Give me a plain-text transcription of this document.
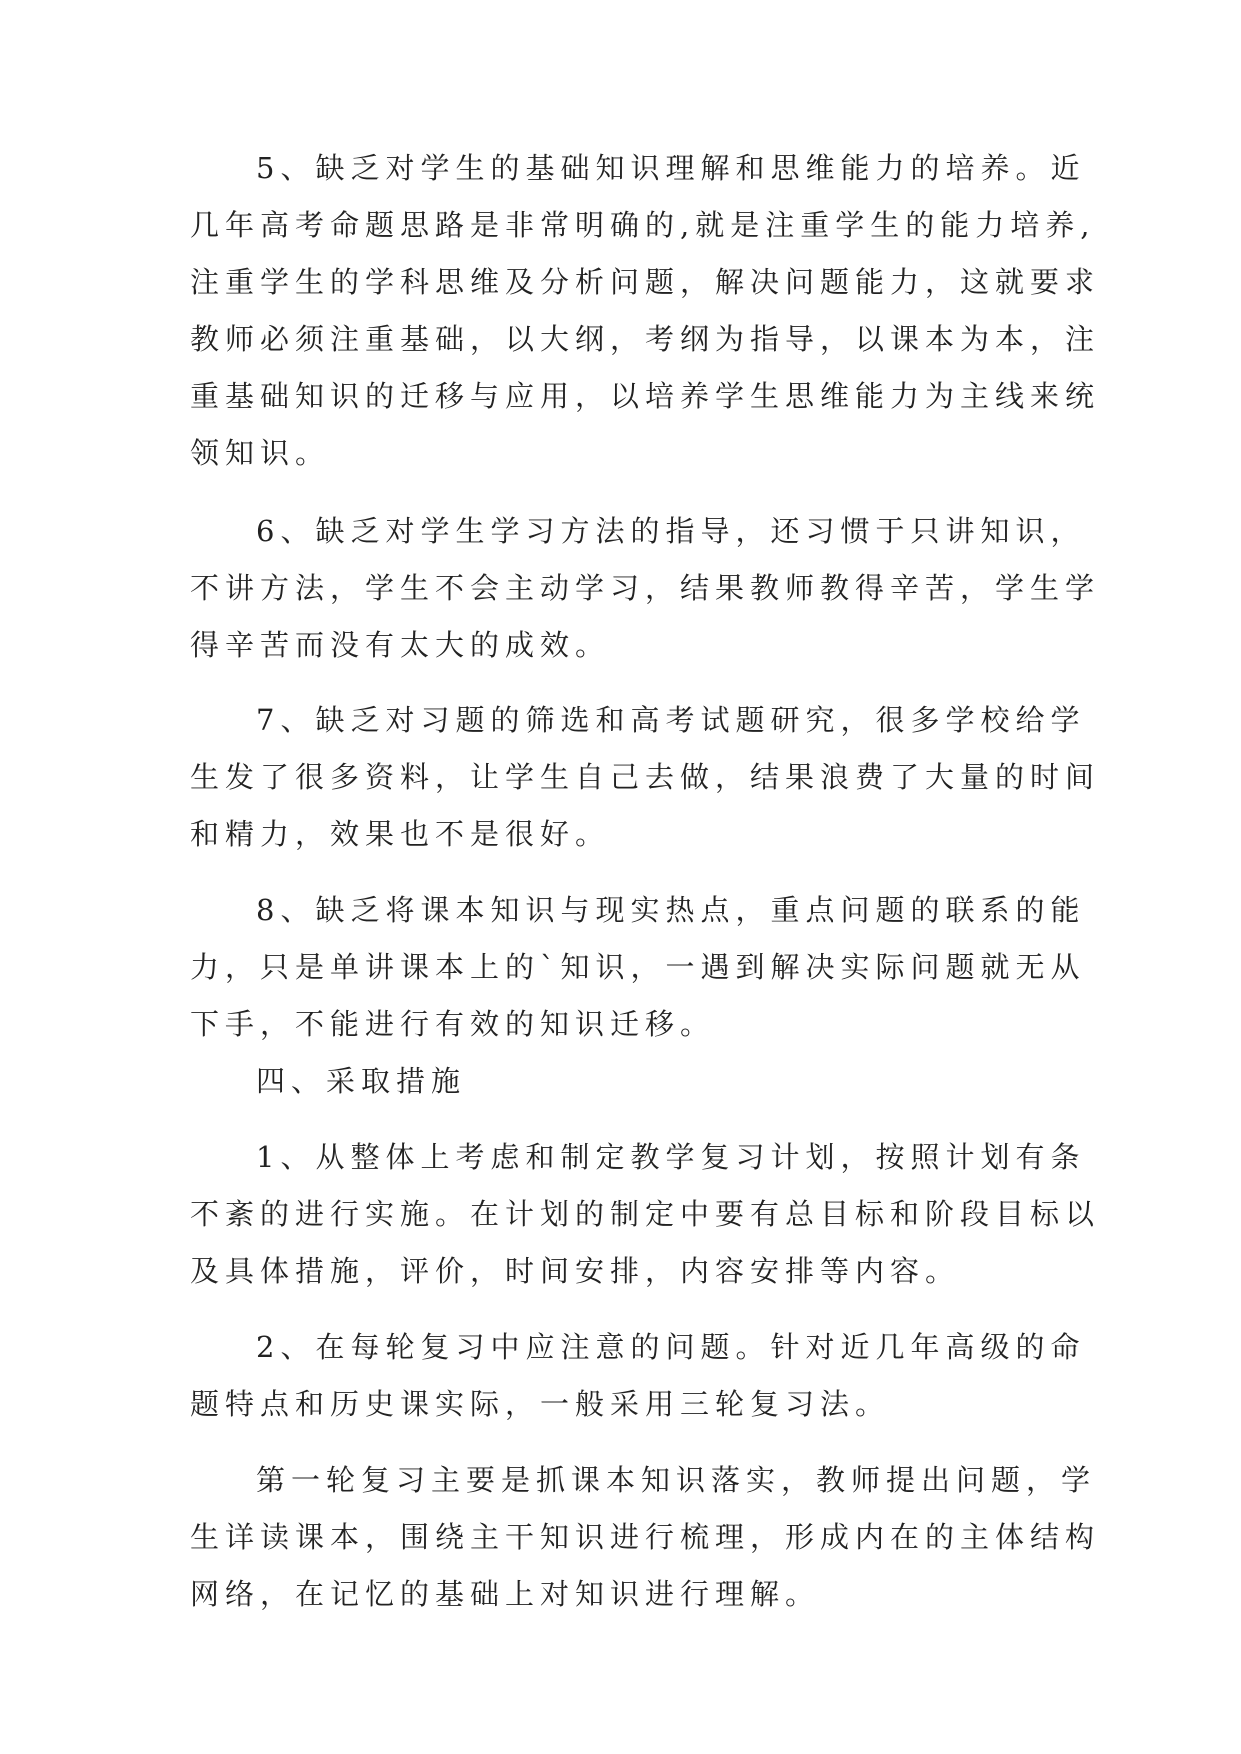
5、缺乏对学生的基础知识理解和思维能力的培养。近
几年高考命题思路是非常明确的,就是注重学生的能力培养,
注重学生的学科思维及分析问题，解决问题能力，这就要求
教师必须注重基础，以大纲，考纲为指导，以课本为本，注
重基础知识的迁移与应用，以培养学生思维能力为主线来统
领知识。
6、缺乏对学生学习方法的指导，还习惯于只讲知识，
不讲方法，学生不会主动学习，结果教师教得辛苦，学生学
得辛苦而没有太大的成效。
7、缺乏对习题的筛选和高考试题研究，很多学校给学
生发了很多资料，让学生自己去做，结果浪费了大量的时间
和精力，效果也不是很好。
8、缺乏将课本知识与现实热点，重点问题的联系的能
力，只是单讲课本上的`知识，一遇到解决实际问题就无从
下手，不能进行有效的知识迁移。
四、采取措施
1、从整体上考虑和制定教学复习计划，按照计划有条
不紊的进行实施。在计划的制定中要有总目标和阶段目标以
及具体措施，评价，时间安排，内容安排等内容。
2、在每轮复习中应注意的问题。针对近几年高级的命
题特点和历史课实际，一般采用三轮复习法。
第一轮复习主要是抓课本知识落实，教师提出问题，学
生详读课本，围绕主干知识进行梳理，形成内在的主体结构
网络，在记忆的基础上对知识进行理解。
